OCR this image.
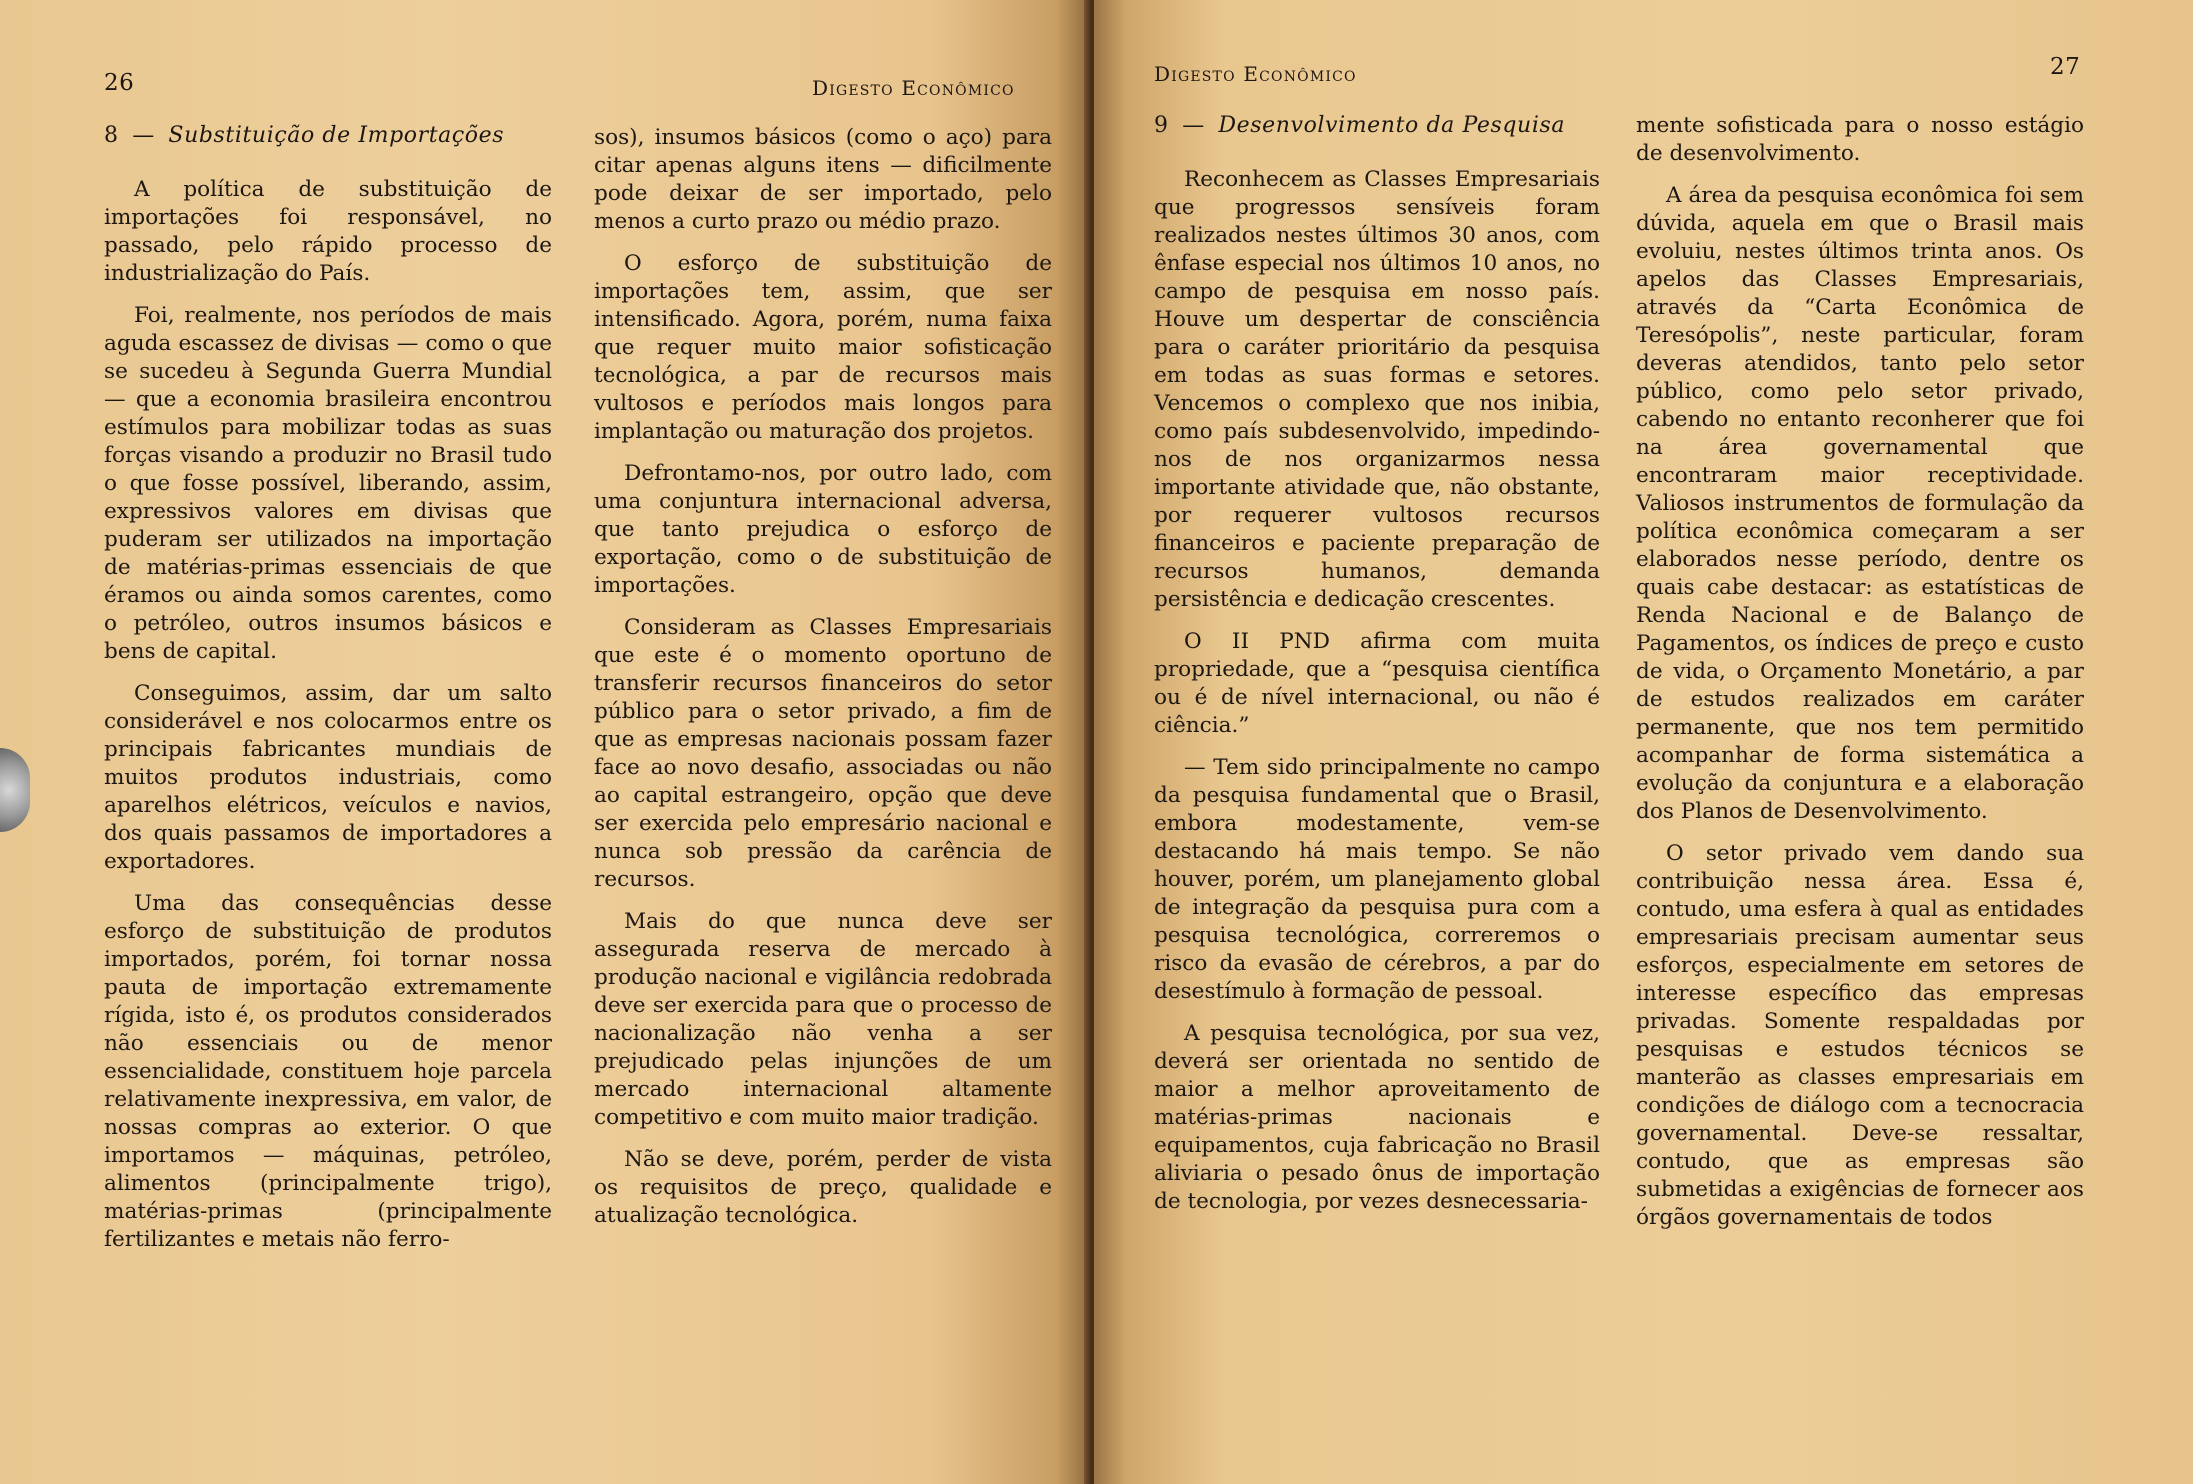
26	Digesto Econômico
8 — Substituição de Importações

A política de substituição de importações foi responsável, no passado, pelo rápido processo de industrialização do País.

Foi, realmente, nos períodos de mais aguda escassez de divisas — como o que se sucedeu à Segunda Guerra Mundial — que a economia brasileira encontrou estímulos para mobilizar todas as suas forças visando a produzir no Brasil tudo o que fosse possível, liberando, assim, expressivos valores em divisas que puderam ser utilizados na importação de matérias-primas essenciais de que éramos ou ainda somos carentes, como o petróleo, outros insumos básicos e bens de capital.

Conseguimos, assim, dar um salto considerável e nos colocarmos entre os principais fabricantes mundiais de muitos produtos industriais, como aparelhos elétricos, veículos e navios, dos quais passamos de importadores a exportadores.

Uma das consequências desse esforço de substituição de produtos importados, porém, foi tornar nossa pauta de importação extremamente rígida, isto é, os produtos considerados não essenciais ou de menor essencialidade, constituem hoje parcela relativamente inexpressiva, em valor, de nossas compras ao exterior. O que importamos — máquinas, petróleo, alimentos (principalmente trigo), matérias-primas (principalmente fertilizantes e metais não ferro-

sos), insumos básicos (como o aço) para citar apenas alguns itens — dificilmente pode deixar de ser importado, pelo menos a curto prazo ou médio prazo.

O esforço de substituição de importações tem, assim, que ser intensificado. Agora, porém, numa faixa que requer muito maior sofisticação tecnológica, a par de recursos mais vultosos e períodos mais longos para implantação ou maturação dos projetos.

Defrontamo-nos, por outro lado, com uma conjuntura internacional adversa, que tanto prejudica o esforço de exportação, como o de substituição de importações.

Consideram as Classes Empresariais que este é o momento oportuno de transferir recursos financeiros do setor público para o setor privado, a fim de que as empresas nacionais possam fazer face ao novo desafio, associadas ou não ao capital estrangeiro, opção que deve ser exercida pelo empresário nacional e nunca sob pressão da carência de recursos.

Mais do que nunca deve ser assegurada reserva de mercado à produção nacional e vigilância redobrada deve ser exercida para que o processo de nacionalização não venha a ser prejudicado pelas injunções de um mercado internacional altamente competitivo e com muito maior tradição.

Não se deve, porém, perder de vista os requisitos de preço, qualidade e atualização tecnológica.

Digesto Econômico	27
9 — Desenvolvimento da Pesquisa

Reconhecem as Classes Empresariais que progressos sensíveis foram realizados nestes últimos 30 anos, com ênfase especial nos últimos 10 anos, no campo de pesquisa em nosso país. Houve um despertar de consciência para o caráter prioritário da pesquisa em todas as suas formas e setores. Vencemos o complexo que nos inibia, como país subdesenvolvido, impedindo-nos de nos organizarmos nessa importante atividade que, não obstante, por requerer vultosos recursos financeiros e paciente preparação de recursos humanos, demanda persistência e dedicação crescentes.

O II PND afirma com muita propriedade, que a “pesquisa científica ou é de nível internacional, ou não é ciência.”

— Tem sido principalmente no campo da pesquisa fundamental que o Brasil, embora modestamente, vem-se destacando há mais tempo. Se não houver, porém, um planejamento global de integração da pesquisa pura com a pesquisa tecnológica, correremos o risco da evasão de cérebros, a par do desestímulo à formação de pessoal.

A pesquisa tecnológica, por sua vez, deverá ser orientada no sentido de maior a melhor aproveitamento de matérias-primas nacionais e equipamentos, cuja fabricação no Brasil aliviaria o pesado ônus de importação de tecnologia, por vezes desnecessaria-

mente sofisticada para o nosso estágio de desenvolvimento.

A área da pesquisa econômica foi sem dúvida, aquela em que o Brasil mais evoluiu, nestes últimos trinta anos. Os apelos das Classes Empresariais, através da “Carta Econômica de Teresópolis”, neste particular, foram deveras atendidos, tanto pelo setor público, como pelo setor privado, cabendo no entanto reconherer que foi na área governamental que encontraram maior receptividade. Valiosos instrumentos de formulação da política econômica começaram a ser elaborados nesse período, dentre os quais cabe destacar: as estatísticas de Renda Nacional e de Balanço de Pagamentos, os índices de preço e custo de vida, o Orçamento Monetário, a par de estudos realizados em caráter permanente, que nos tem permitido acompanhar de forma sistemática a evolução da conjuntura e a elaboração dos Planos de Desenvolvimento.

O setor privado vem dando sua contribuição nessa área. Essa é, contudo, uma esfera à qual as entidades empresariais precisam aumentar seus esforços, especialmente em setores de interesse específico das empresas privadas. Somente respaldadas por pesquisas e estudos técnicos se manterão as classes empresariais em condições de diálogo com a tecnocracia governamental. Deve-se ressaltar, contudo, que as empresas são submetidas a exigências de fornecer aos órgãos governamentais de todos
